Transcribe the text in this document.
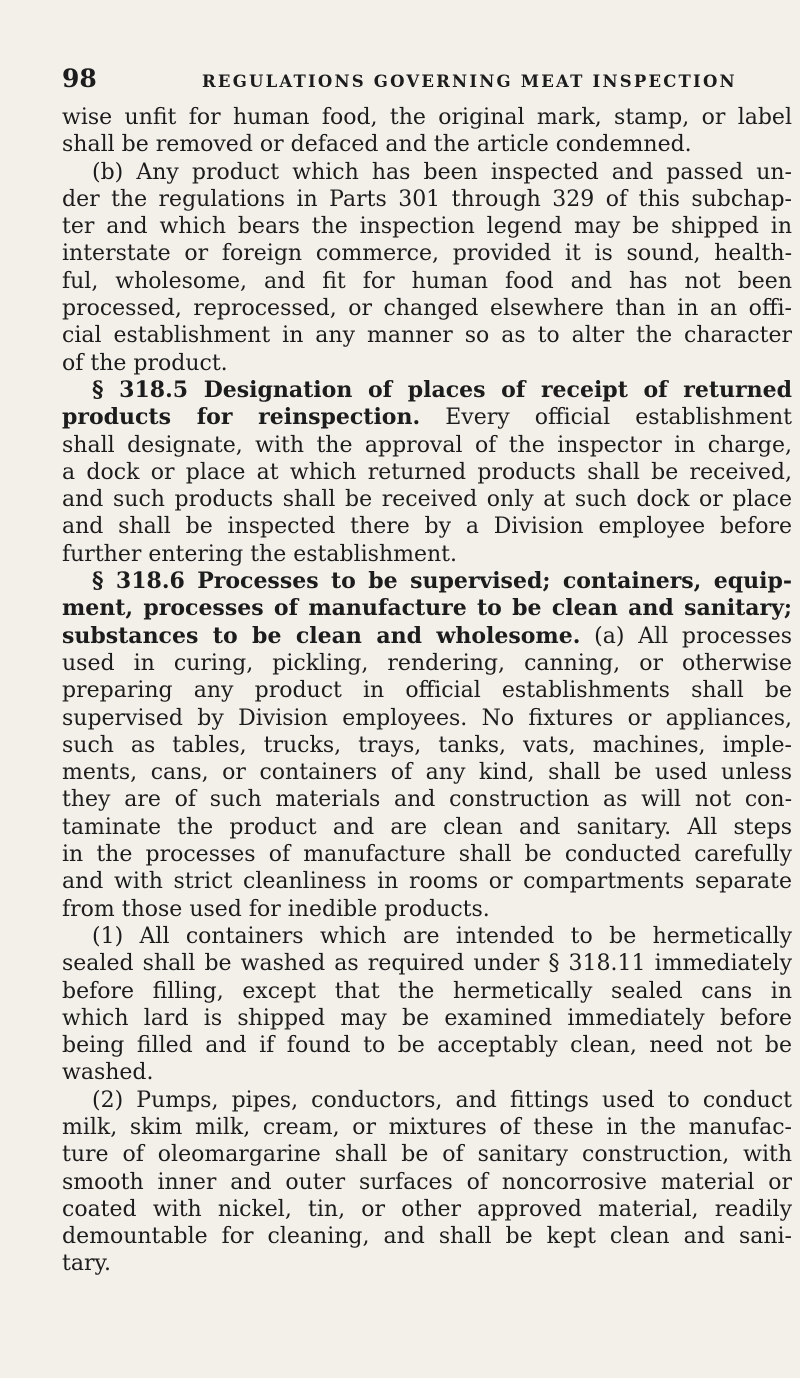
98	REGULATIONS GOVERNING MEAT INSPECTION
wise unfit for human food, the original mark, stamp, or label
shall be removed or defaced and the article condemned.
(b) Any product which has been inspected and passed un-
der the regulations in Parts 301 through 329 of this subchap-
ter and which bears the inspection legend may be shipped in
interstate or foreign commerce, provided it is sound, health-
ful, wholesome, and fit for human food and has not been
processed, reprocessed, or changed elsewhere than in an offi-
cial establishment in any manner so as to alter the character
of the product.
§ 318.5 Designation of places of receipt of returned
products for reinspection. Every official establishment
shall designate, with the approval of the inspector in charge,
a dock or place at which returned products shall be received,
and such products shall be received only at such dock or place
and shall be inspected there by a Division employee before
further entering the establishment.
§ 318.6 Processes to be supervised; containers, equip-
ment, processes of manufacture to be clean and sanitary;
substances to be clean and wholesome. (a) All processes
used in curing, pickling, rendering, canning, or otherwise
preparing any product in official establishments shall be
supervised by Division employees. No fixtures or appliances,
such as tables, trucks, trays, tanks, vats, machines, imple-
ments, cans, or containers of any kind, shall be used unless
they are of such materials and construction as will not con-
taminate the product and are clean and sanitary. All steps
in the processes of manufacture shall be conducted carefully
and with strict cleanliness in rooms or compartments separate
from those used for inedible products.
(1) All containers which are intended to be hermetically
sealed shall be washed as required under § 318.11 immediately
before filling, except that the hermetically sealed cans in
which lard is shipped may be examined immediately before
being filled and if found to be acceptably clean, need not be
washed.
(2) Pumps, pipes, conductors, and fittings used to conduct
milk, skim milk, cream, or mixtures of these in the manufac-
ture of oleomargarine shall be of sanitary construction, with
smooth inner and outer surfaces of noncorrosive material or
coated with nickel, tin, or other approved material, readily
demountable for cleaning, and shall be kept clean and sani-
tary.
